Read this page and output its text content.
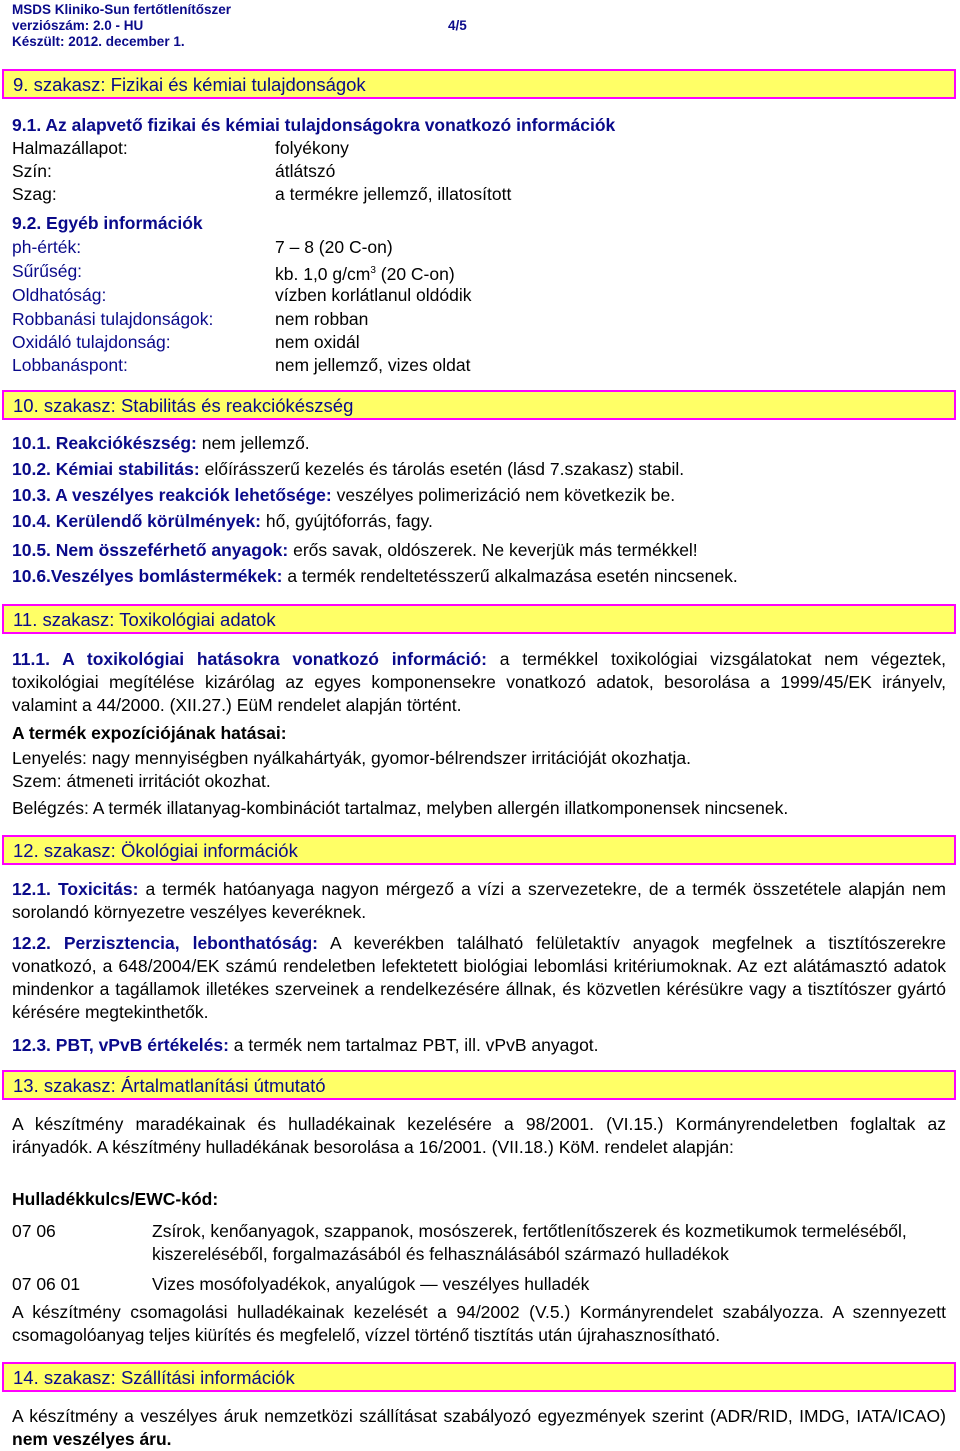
MSDS Kliniko-Sun fertőtlenítőszer
verziószám: 2.0 - HU
Készült: 2012. december 1.
4/5
9. szakasz: Fizikai és kémiai tulajdonságok
9.1. Az alapvető fizikai és kémiai tulajdonságokra vonatkozó információk
Halmazállapot:	folyékony
Szín:	átlátszó
Szag:	a termékre jellemző, illatosított
9.2. Egyéb információk
ph-érték:	7 – 8 (20 C-on)
Sűrűség:	kb. 1,0 $g/cm^3$ (20 C-on)
Oldhatóság:	vízben korlátlanul oldódik
Robbanási tulajdonságok:	nem robban
Oxidáló tulajdonság:	nem oxidál
Lobbanáspont:	nem jellemző, vizes oldat
10. szakasz: Stabilitás és reakciókészség
10.1. Reakciókészség: nem jellemző.
10.2. Kémiai stabilitás: előírásszerű kezelés és tárolás esetén (lásd 7.szakasz) stabil.
10.3. A veszélyes reakciók lehetősége: veszélyes polimerizáció nem következik be.
10.4. Kerülendő körülmények: hő, gyújtóforrás, fagy.
10.5. Nem összeférhető anyagok: erős savak, oldószerek. Ne keverjük más termékkel!
10.6.Veszélyes bomlástermékek: a termék rendeltetésszerű alkalmazása esetén nincsenek.
11. szakasz: Toxikológiai adatok
11.1. A toxikológiai hatásokra vonatkozó információ: a termékkel toxikológiai vizsgálatokat nem végeztek, toxikológiai megítélése kizárólag az egyes komponensekre vonatkozó adatok, besorolása a 1999/45/EK irányelv, valamint a 44/2000. (XII.27.) EüM rendelet alapján történt.
A termék expozíciójának hatásai:
Lenyelés: nagy mennyiségben nyálkahártyák, gyomor-bélrendszer irritációját okozhatja.
Szem: átmeneti irritációt okozhat.
Belégzés: A termék illatanyag-kombinációt tartalmaz, melyben allergén illatkomponensek nincsenek.
12. szakasz: Ökológiai információk
12.1. Toxicitás: a termék hatóanyaga nagyon mérgező a vízi a szervezetekre, de a termék összetétele alapján nem sorolandó környezetre veszélyes keveréknek.
12.2. Perzisztencia, lebonthatóság: A keverékben található felületaktív anyagok megfelnek a tisztítószerekre vonatkozó, a 648/2004/EK számú rendeletben lefektetett biológiai lebomlási kritériumoknak. Az ezt alátámasztó adatok mindenkor a tagállamok illetékes szerveinek a rendelkezésére állnak, és közvetlen kérésükre vagy a tisztítószer gyártó kérésére megtekinthetők.
12.3. PBT, vPvB értékelés: a termék nem tartalmaz PBT, ill. vPvB anyagot.
13. szakasz: Ártalmatlanítási útmutató
A készítmény maradékainak és hulladékainak kezelésére a 98/2001. (VI.15.) Kormányrendeletben foglaltak az irányadók. A készítmény hulladékának besorolása a 16/2001. (VII.18.) KöM. rendelet alapján:
Hulladékkulcs/EWC-kód:
07 06	Zsírok, kenőanyagok, szappanok, mosószerek, fertőtlenítőszerek és kozmetikumok termeléséből, kiszereléséből, forgalmazásából és felhasználásából származó hulladékok
07 06 01	Vizes mosófolyadékok, anyalúgok — veszélyes hulladék
A készítmény csomagolási hulladékainak kezelését a 94/2002 (V.5.) Kormányrendelet szabályozza. A szennyezett csomagolóanyag teljes kiürítés és megfelelő, vízzel történő tisztítás után újrahasznosítható.
14. szakasz: Szállítási információk
A készítmény a veszélyes áruk nemzetközi szállításat szabályozó egyezmények szerint (ADR/RID, IMDG, IATA/ICAO) nem veszélyes áru.
